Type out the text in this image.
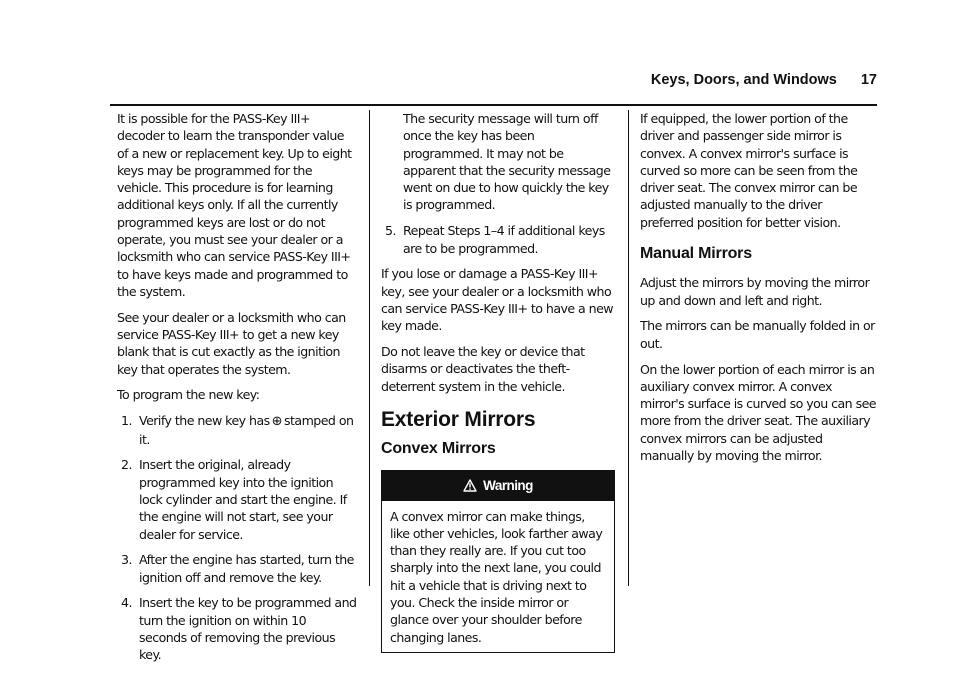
Keys, Doors, and Windows 17

It is possible for the PASS-Key III+ decoder to learn the transponder value of a new or replacement key. Up to eight keys may be programmed for the vehicle. This procedure is for learning additional keys only. If all the currently programmed keys are lost or do not operate, you must see your dealer or a locksmith who can service PASS-Key III+ to have keys made and programmed to the system.

See your dealer or a locksmith who can service PASS-Key III+ to get a new key blank that is cut exactly as the ignition key that operates the system.

To program the new key:

1. Verify the new key has ⊕ stamped on it.
2. Insert the original, already programmed key into the ignition lock cylinder and start the engine. If the engine will not start, see your dealer for service.
3. After the engine has started, turn the ignition off and remove the key.
4. Insert the key to be programmed and turn the ignition on within 10 seconds of removing the previous key.
The security message will turn off once the key has been programmed. It may not be apparent that the security message went on due to how quickly the key is programmed.
5. Repeat Steps 1–4 if additional keys are to be programmed.

If you lose or damage a PASS-Key III+ key, see your dealer or a locksmith who can service PASS-Key III+ to have a new key made.

Do not leave the key or device that disarms or deactivates the theft-deterrent system in the vehicle.

Exterior Mirrors
Convex Mirrors
Warning
A convex mirror can make things, like other vehicles, look farther away than they really are. If you cut too sharply into the next lane, you could hit a vehicle that is driving next to you. Check the inside mirror or glance over your shoulder before changing lanes.

If equipped, the lower portion of the driver and passenger side mirror is convex. A convex mirror's surface is curved so more can be seen from the driver seat. The convex mirror can be adjusted manually to the driver preferred position for better vision.

Manual Mirrors

Adjust the mirrors by moving the mirror up and down and left and right.

The mirrors can be manually folded in or out.

On the lower portion of each mirror is an auxiliary convex mirror. A convex mirror's surface is curved so you can see more from the driver seat. The auxiliary convex mirrors can be adjusted manually by moving the mirror.
